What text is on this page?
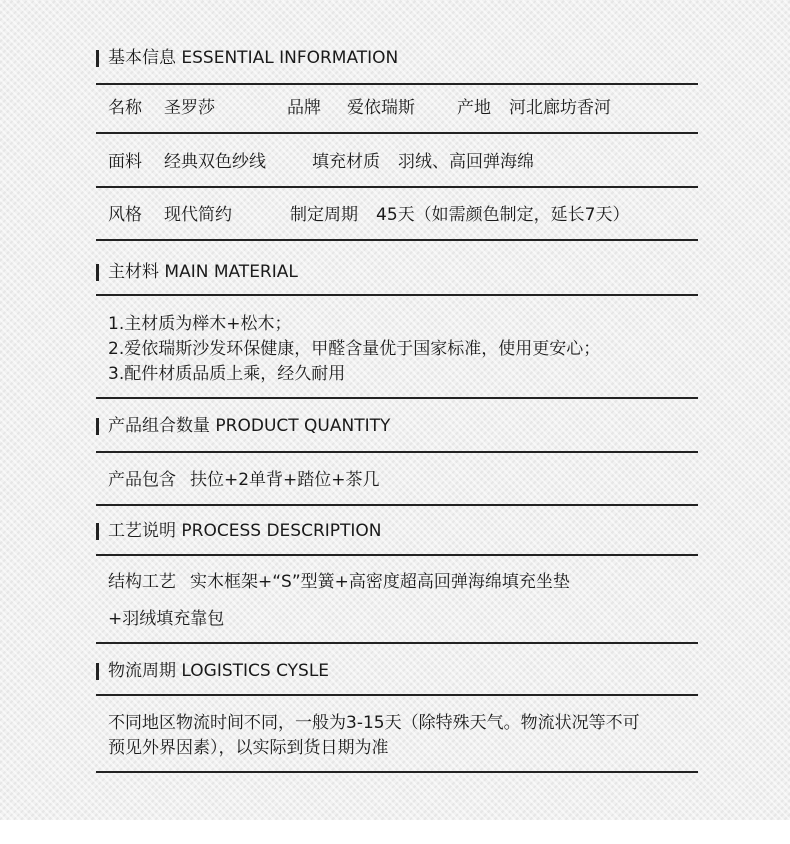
基本信息 ESSENTIAL INFORMATION
名称 圣罗莎	品牌 爱依瑞斯 产地 河北廊坊香河
面料 经典双色纱线	填充材质 羽绒、高回弹海绵
风格 现代简约	制定周期 45天（如需颜色制定，延长7天）
主材料 MAIN MATERIAL
1.主材质为榉木+松木；
2.爱依瑞斯沙发环保健康，甲醛含量优于国家标准，使用更安心；
3.配件材质品质上乘，经久耐用
产品组合数量 PRODUCT QUANTITY
产品包含 扶位+2单背+踏位+茶几
工艺说明 PROCESS DESCRIPTION
结构工艺 实木框架+“S”型簧+高密度超高回弹海绵填充坐垫
+羽绒填充靠包
物流周期 LOGISTICS CYSLE
不同地区物流时间不同，一般为3-15天（除特殊天气。物流状况等不可
预见外界因素），以实际到货日期为准
